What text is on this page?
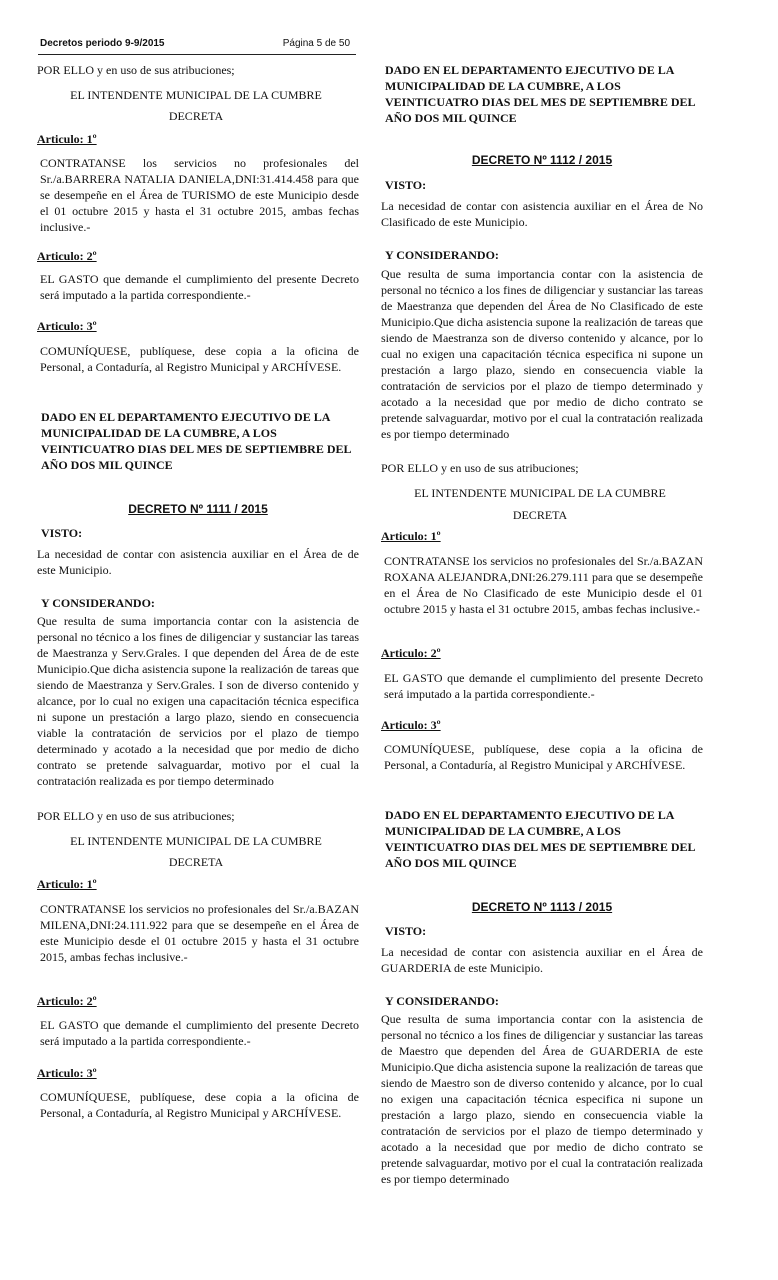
Decretos periodo 9-9/2015	Página 5 de 50
POR ELLO y en uso de sus atribuciones;
EL INTENDENTE MUNICIPAL DE LA CUMBRE
DECRETA
Articulo: 1º
CONTRATANSE los servicios no profesionales del Sr./a.BARRERA NATALIA DANIELA,DNI:31.414.458 para que se desempeñe en el Área de TURISMO de este Municipio desde el 01 octubre 2015 y hasta el 31 octubre 2015, ambas fechas inclusive.-
Articulo: 2º
EL GASTO que demande el cumplimiento del presente Decreto será imputado a la partida correspondiente.-
Articulo: 3º
COMUNÍQUESE, publíquese, dese copia a la oficina de Personal, a Contaduría, al Registro Municipal y ARCHÍVESE.
DADO EN EL DEPARTAMENTO EJECUTIVO DE LA MUNICIPALIDAD DE LA CUMBRE, A LOS VEINTICUATRO DIAS DEL MES DE SEPTIEMBRE DEL AÑO DOS MIL QUINCE
DECRETO Nº 1111 / 2015
VISTO:
La necesidad de contar con asistencia auxiliar en el Área de de este Municipio.
Y CONSIDERANDO:
Que resulta de suma importancia contar con la asistencia de personal no técnico a los fines de diligenciar y sustanciar las tareas de Maestranza y Serv.Grales. I que dependen del Área de de este Municipio.Que dicha asistencia supone la realización de tareas que siendo de Maestranza y Serv.Grales. I son de diverso contenido y alcance, por lo cual no exigen una capacitación técnica especifica ni supone un prestación a largo plazo, siendo en consecuencia viable la contratación de servicios por el plazo de tiempo determinado y acotado a la necesidad que por medio de dicho contrato se pretende salvaguardar, motivo por el cual la contratación realizada es por tiempo determinado
POR ELLO y en uso de sus atribuciones;
EL INTENDENTE MUNICIPAL DE LA CUMBRE
DECRETA
Articulo: 1º
CONTRATANSE los servicios no profesionales del Sr./a.BAZAN MILENA,DNI:24.111.922 para que se desempeñe en el Área de este Municipio desde el 01 octubre 2015 y hasta el 31 octubre 2015, ambas fechas inclusive.-
Articulo: 2º
EL GASTO que demande el cumplimiento del presente Decreto será imputado a la partida correspondiente.-
Articulo: 3º
COMUNÍQUESE, publíquese, dese copia a la oficina de Personal, a Contaduría, al Registro Municipal y ARCHÍVESE.
DADO EN EL DEPARTAMENTO EJECUTIVO DE LA MUNICIPALIDAD DE LA CUMBRE, A LOS VEINTICUATRO DIAS DEL MES DE SEPTIEMBRE DEL AÑO DOS MIL QUINCE
DECRETO Nº 1112 / 2015
VISTO:
La necesidad de contar con asistencia auxiliar en el Área de No Clasificado de este Municipio.
Y CONSIDERANDO:
Que resulta de suma importancia contar con la asistencia de personal no técnico a los fines de diligenciar y sustanciar las tareas de Maestranza que dependen del Área de No Clasificado de este Municipio.Que dicha asistencia supone la realización de tareas que siendo de Maestranza son de diverso contenido y alcance, por lo cual no exigen una capacitación técnica especifica ni supone un prestación a largo plazo, siendo en consecuencia viable la contratación de servicios por el plazo de tiempo determinado y acotado a la necesidad que por medio de dicho contrato se pretende salvaguardar, motivo por el cual la contratación realizada es por tiempo determinado
POR ELLO y en uso de sus atribuciones;
EL INTENDENTE MUNICIPAL DE LA CUMBRE
DECRETA
Articulo: 1º
CONTRATANSE los servicios no profesionales del Sr./a.BAZAN ROXANA ALEJANDRA,DNI:26.279.111 para que se desempeñe en el Área de No Clasificado de este Municipio desde el 01 octubre 2015 y hasta el 31 octubre 2015, ambas fechas inclusive.-
Articulo: 2º
EL GASTO que demande el cumplimiento del presente Decreto será imputado a la partida correspondiente.-
Articulo: 3º
COMUNÍQUESE, publíquese, dese copia a la oficina de Personal, a Contaduría, al Registro Municipal y ARCHÍVESE.
DADO EN EL DEPARTAMENTO EJECUTIVO DE LA MUNICIPALIDAD DE LA CUMBRE, A LOS VEINTICUATRO DIAS DEL MES DE SEPTIEMBRE DEL AÑO DOS MIL QUINCE
DECRETO Nº 1113 / 2015
VISTO:
La necesidad de contar con asistencia auxiliar en el Área de GUARDERIA de este Municipio.
Y CONSIDERANDO:
Que resulta de suma importancia contar con la asistencia de personal no técnico a los fines de diligenciar y sustanciar las tareas de Maestro que dependen del Área de GUARDERIA de este Municipio.Que dicha asistencia supone la realización de tareas que siendo de Maestro son de diverso contenido y alcance, por lo cual no exigen una capacitación técnica especifica ni supone un prestación a largo plazo, siendo en consecuencia viable la contratación de servicios por el plazo de tiempo determinado y acotado a la necesidad que por medio de dicho contrato se pretende salvaguardar, motivo por el cual la contratación realizada es por tiempo determinado
